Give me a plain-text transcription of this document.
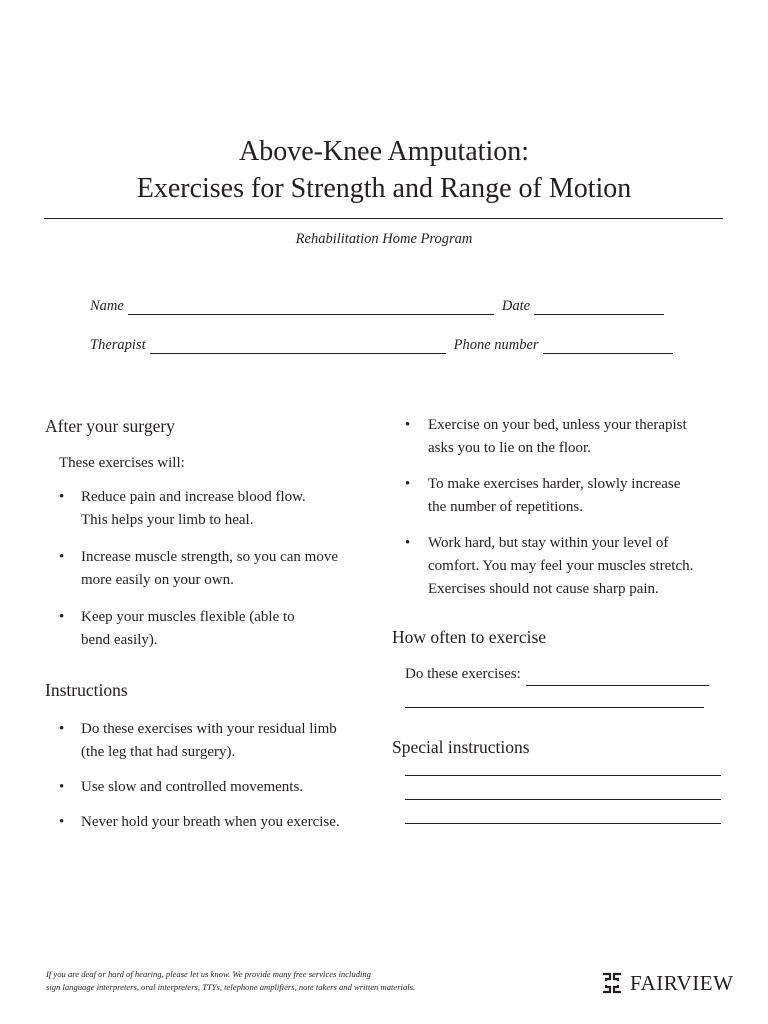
Above-Knee Amputation:
Exercises for Strength and Range of Motion
Rehabilitation Home Program
Name	Date
Therapist	Phone number
After your surgery
These exercises will:
• Reduce pain and increase blood flow.
This helps your limb to heal.
• Increase muscle strength, so you can move
more easily on your own.
• Keep your muscles flexible (able to
bend easily).
Instructions
• Do these exercises with your residual limb
(the leg that had surgery).
• Use slow and controlled movements.
• Never hold your breath when you exercise.
• Exercise on your bed, unless your therapist
asks you to lie on the floor.
• To make exercises harder, slowly increase
the number of repetitions.
• Work hard, but stay within your level of
comfort. You may feel your muscles stretch.
Exercises should not cause sharp pain.
How often to exercise
Do these exercises:
Special instructions
If you are deaf or hard of hearing, please let us know. We provide many free services including
sign language interpreters, oral interpreters, TTYs, telephone amplifiers, note takers and written materials.	FAIRVIEW
